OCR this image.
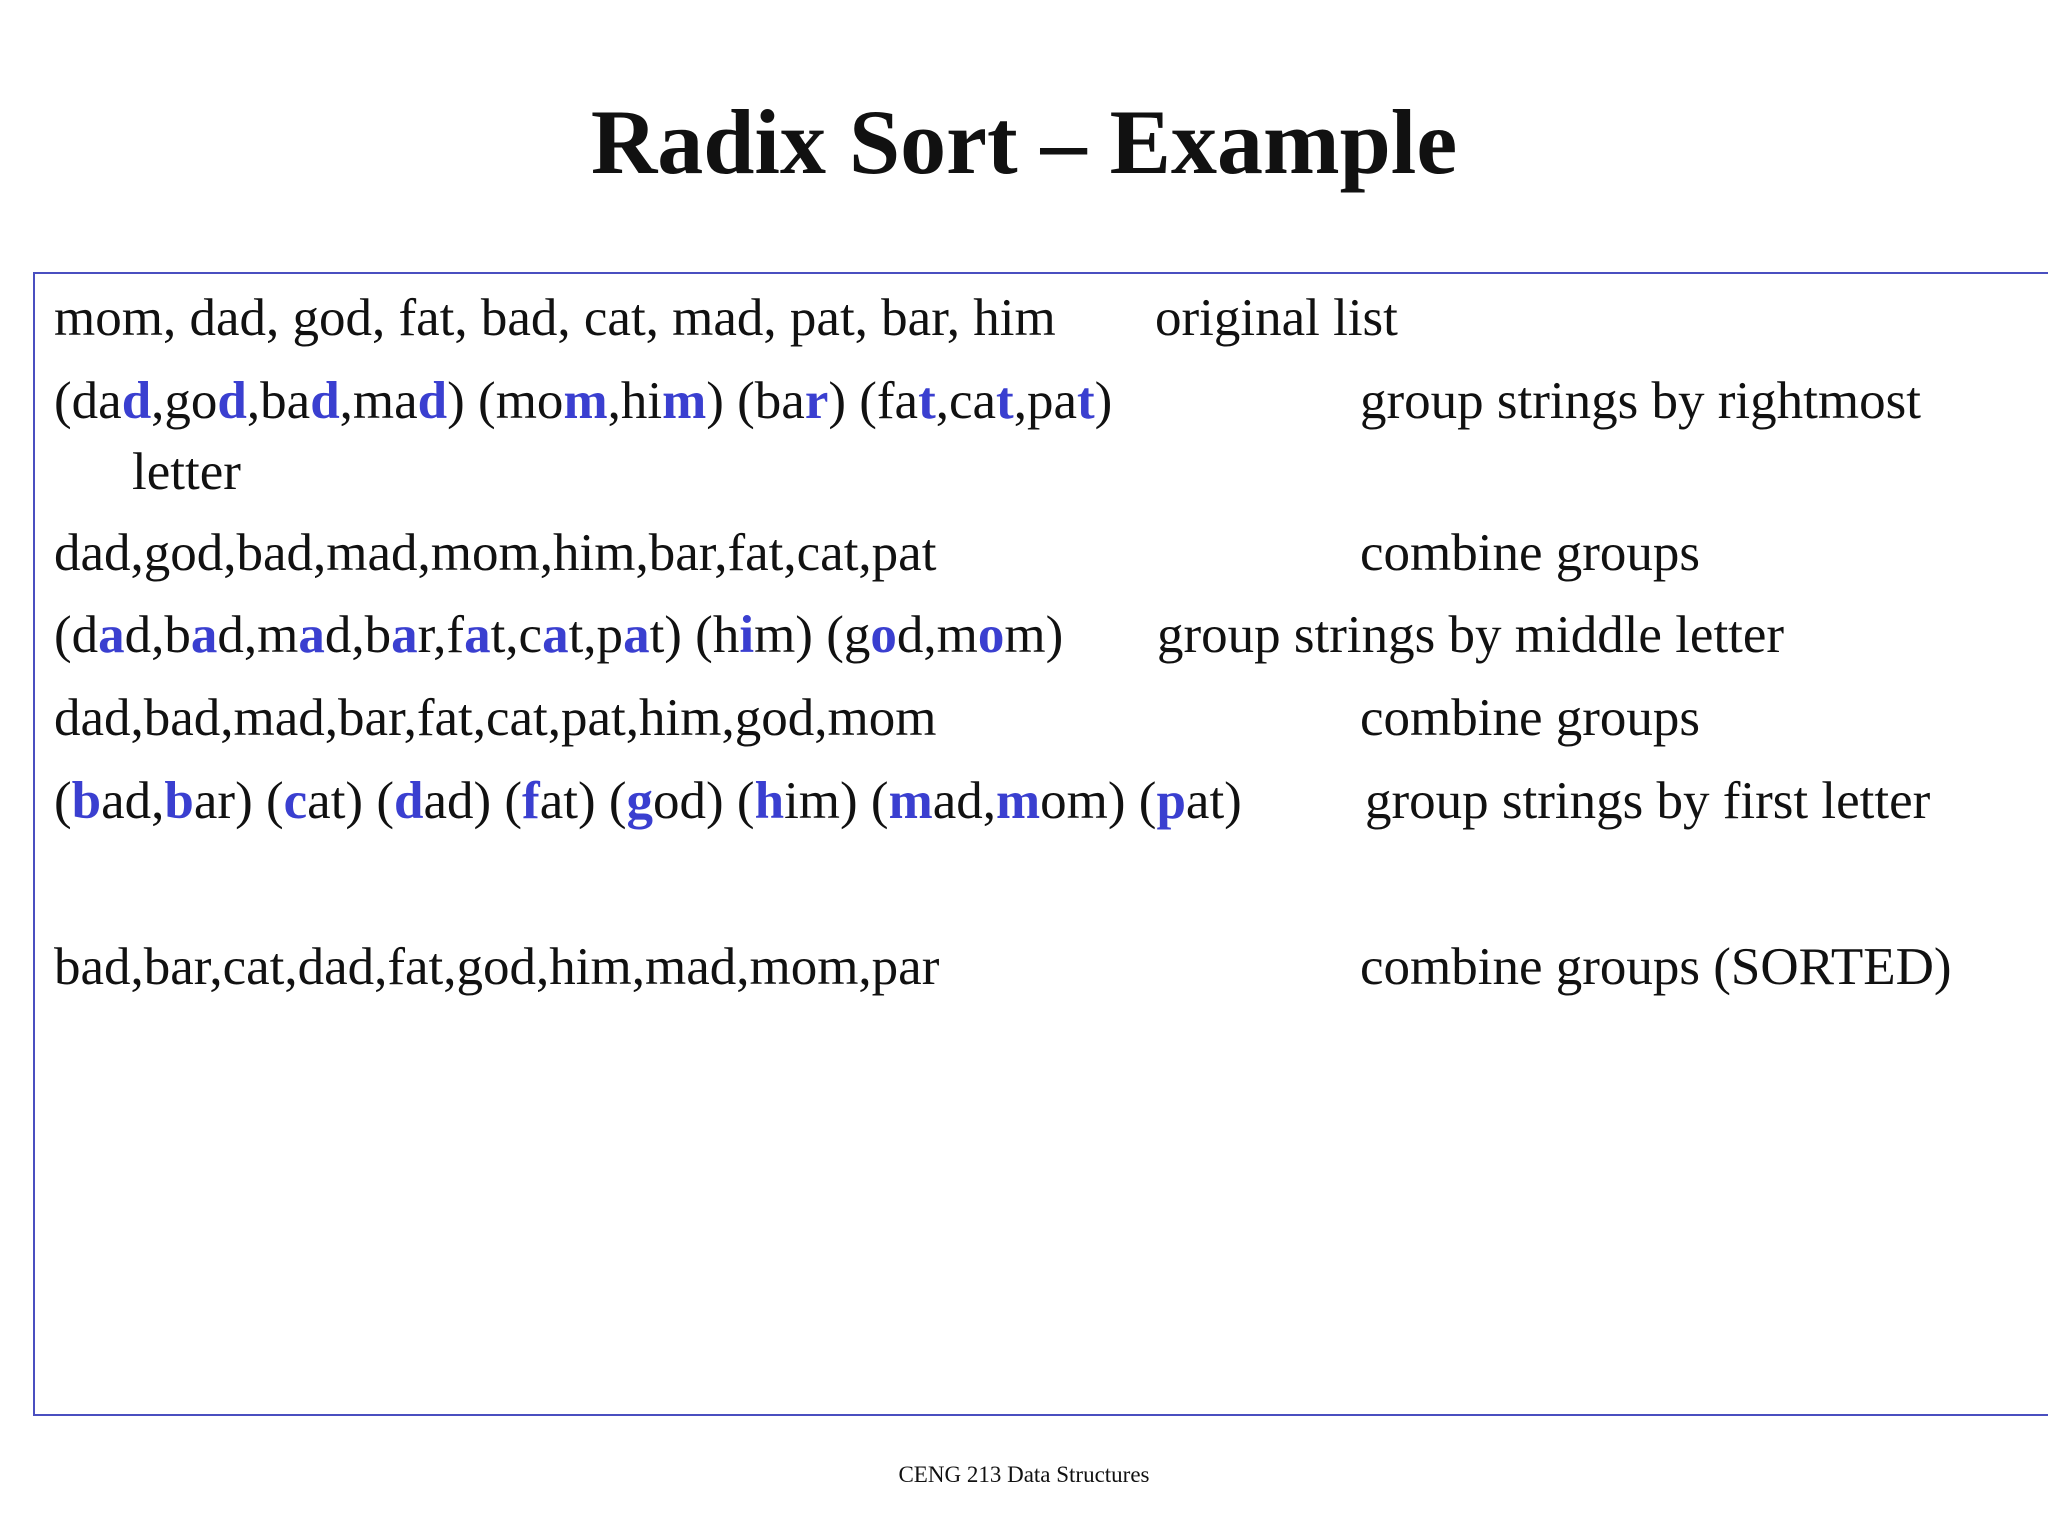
Radix Sort – Example
mom, dad, god, fat, bad, cat, mad, pat, bar, him original list
(dad,god,bad,mad) (mom,him) (bar) (fat,cat,pat)	group strings by rightmost
letter
dad,god,bad,mad,mom,him,bar,fat,cat,pat	combine groups
(dad,bad,mad,bar,fat,cat,pat) (him) (god,mom) group strings by middle letter
dad,bad,mad,bar,fat,cat,pat,him,god,mom	combine groups
(bad,bar) (cat) (dad) (fat) (god) (him) (mad,mom) (pat) group strings by first letter
bad,bar,cat,dad,fat,god,him,mad,mom,par	combine groups (SORTED)
CENG 213 Data Structures
